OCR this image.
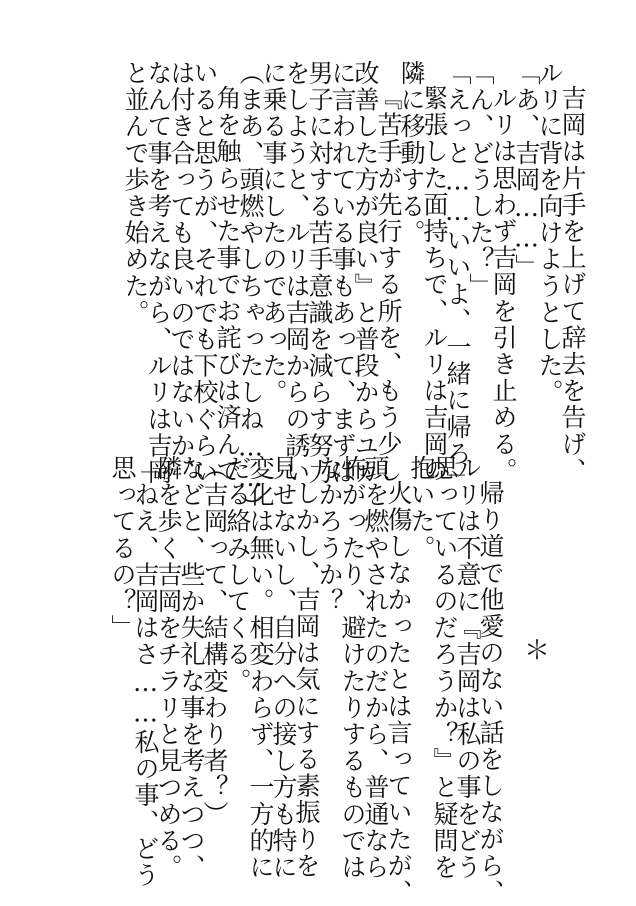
吉岡は片手を上げて辞去を告げ、
ルリに背を向けようとした。
「あ、吉岡……」
ルリは思わず吉岡を引き止める。
「ん、どうした？」
「えっと……いいよ、一緒に帰ろ」
緊張した面持ちで、ルリは吉岡の
隣に移動する。
『苦手が先行する所を、もう少し
改善した方が良い』と普段からユカ
に言われている事もあって、まずは
男子に対する苦手意識を減らす努力
をしようと、ルリは吉岡からの誘い
に乗る事にしたのであった。
（まあ、頭燃やしちゃったしね……）
角を触らせた事でお詫びは済んで
いると思うが、それでも下校ぐらい
は付き合っても良いのではないか、
なんて事を考えながら、ルリは吉岡
と並んで歩き始めた。
＊
帰り道で他愛のない話をしながら、
ルリは不意に『吉岡は私の事をどう
思っているのだろうか？』と疑問を
抱いた。
火傷しなかったとは言っていたが、
頭を燃やされたのだから、普通なら
怖がったり、避けたりするものでは
なかろうか？
しかし、吉岡は気にする素振りを
見せないし、自分への接し方も特に
変化は無い。相変わらず、一方的に
だる絡みしてくる。
（吉岡って、結構変わり者？）
などと、些か失礼な事を考えつつ、
隣を歩く吉岡をチラリと見つめる。
「ねえ、吉岡はさ……私の事、どう
思ってるの？」
